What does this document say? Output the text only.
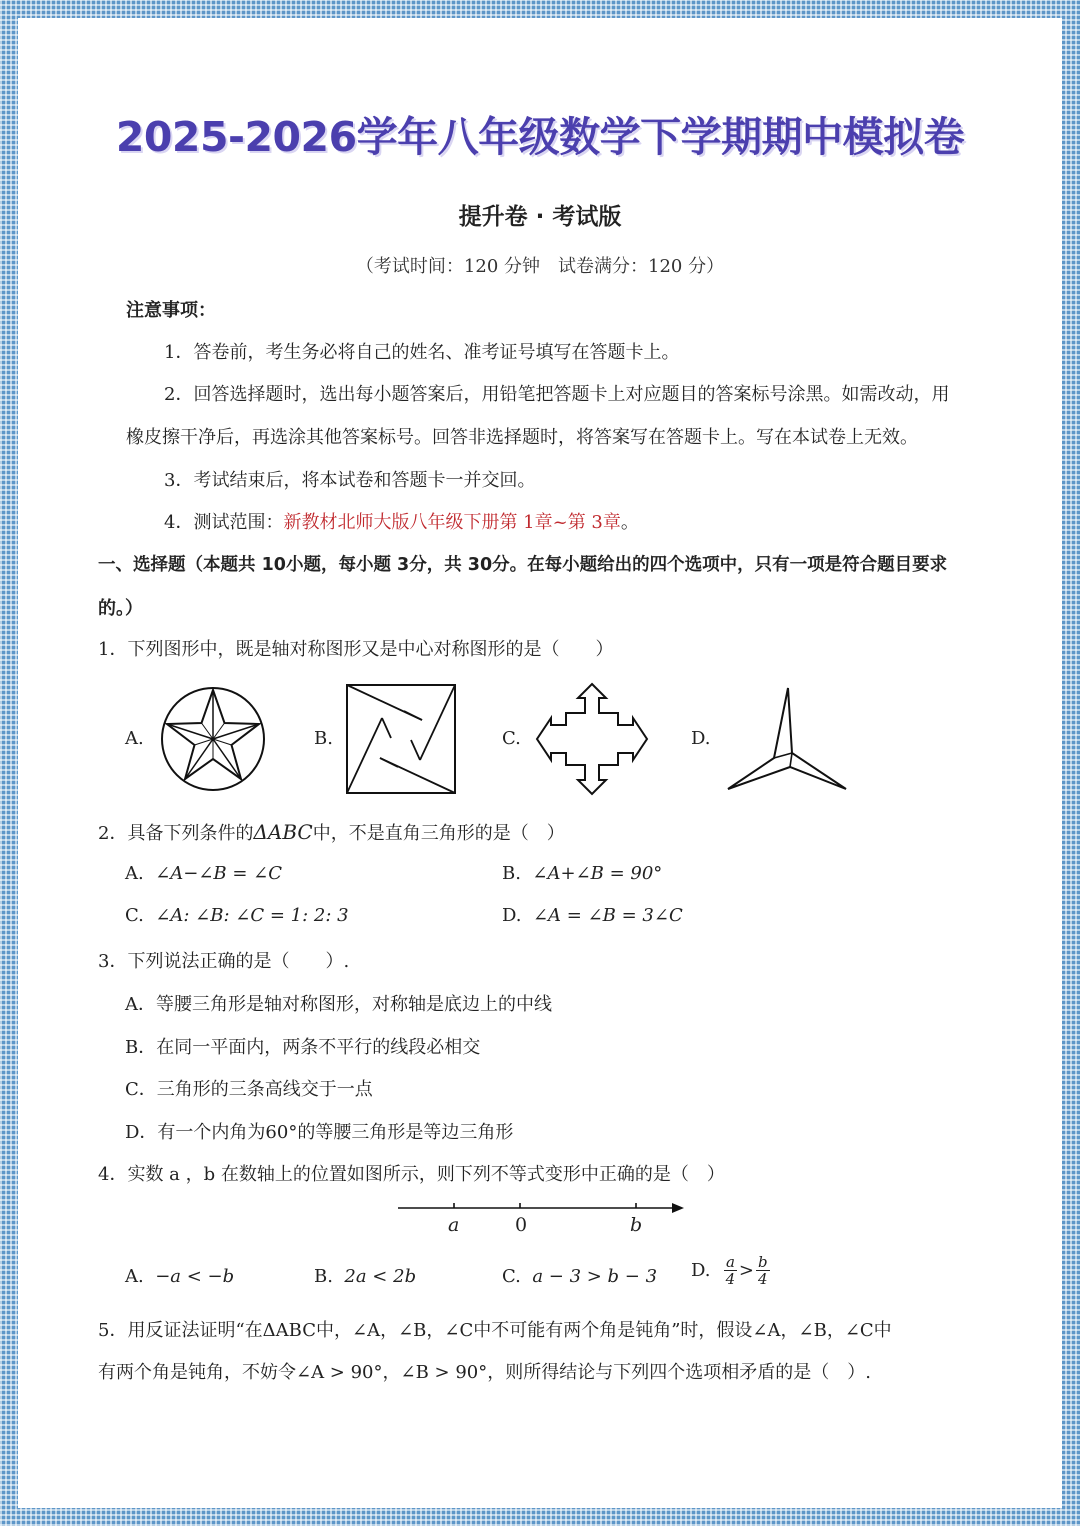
2025-2026学年八年级数学下学期期中模拟卷
提升卷 · 考试版
（考试时间：120 分钟　试卷满分：120 分）
注意事项：
1．答卷前，考生务必将自己的姓名、准考证号填写在答题卡上。
2．回答选择题时，选出每小题答案后，用铅笔把答题卡上对应题目的答案标号涂黑。如需改动，用
橡皮擦干净后，再选涂其他答案标号。回答非选择题时，将答案写在答题卡上。写在本试卷上无效。
3．考试结束后，将本试卷和答题卡一并交回。
4．测试范围：新教材北师大版八年级下册第 1章~第 3章。
一、选择题（本题共 10小题，每小题 3分，共 30分。在每小题给出的四个选项中，只有一项是符合题目要求
的。）
1．下列图形中，既是轴对称图形又是中心对称图形的是（　　）
A.	B.	C.	D.
2．具备下列条件的ΔABC中，不是直角三角形的是（　）
A. ∠A−∠B = ∠C	B. ∠A+∠B = 90°
C. ∠A: ∠B: ∠C = 1: 2: 3	D. ∠A = ∠B = 3∠C
3．下列说法正确的是（　　）.
A．等腰三角形是轴对称图形，对称轴是底边上的中线
B．在同一平面内，两条不平行的线段必相交
C．三角形的三条高线交于一点
D．有一个内角为60°的等腰三角形是等边三角形
4．实数 a ，b 在数轴上的位置如图所示，则下列不等式变形中正确的是（　）
a	0	b
A. −a < −b	B. 2a < 2b	C. a − 3 > b − 3 D. $\frac{a}{4} > \frac{b}{4}$
5．用反证法证明“在ΔABC中，∠A，∠B，∠C中不可能有两个角是钝角”时，假设∠A，∠B，∠C中
有两个角是钝角，不妨令∠A > 90°，∠B > 90°，则所得结论与下列四个选项相矛盾的是（　）.
